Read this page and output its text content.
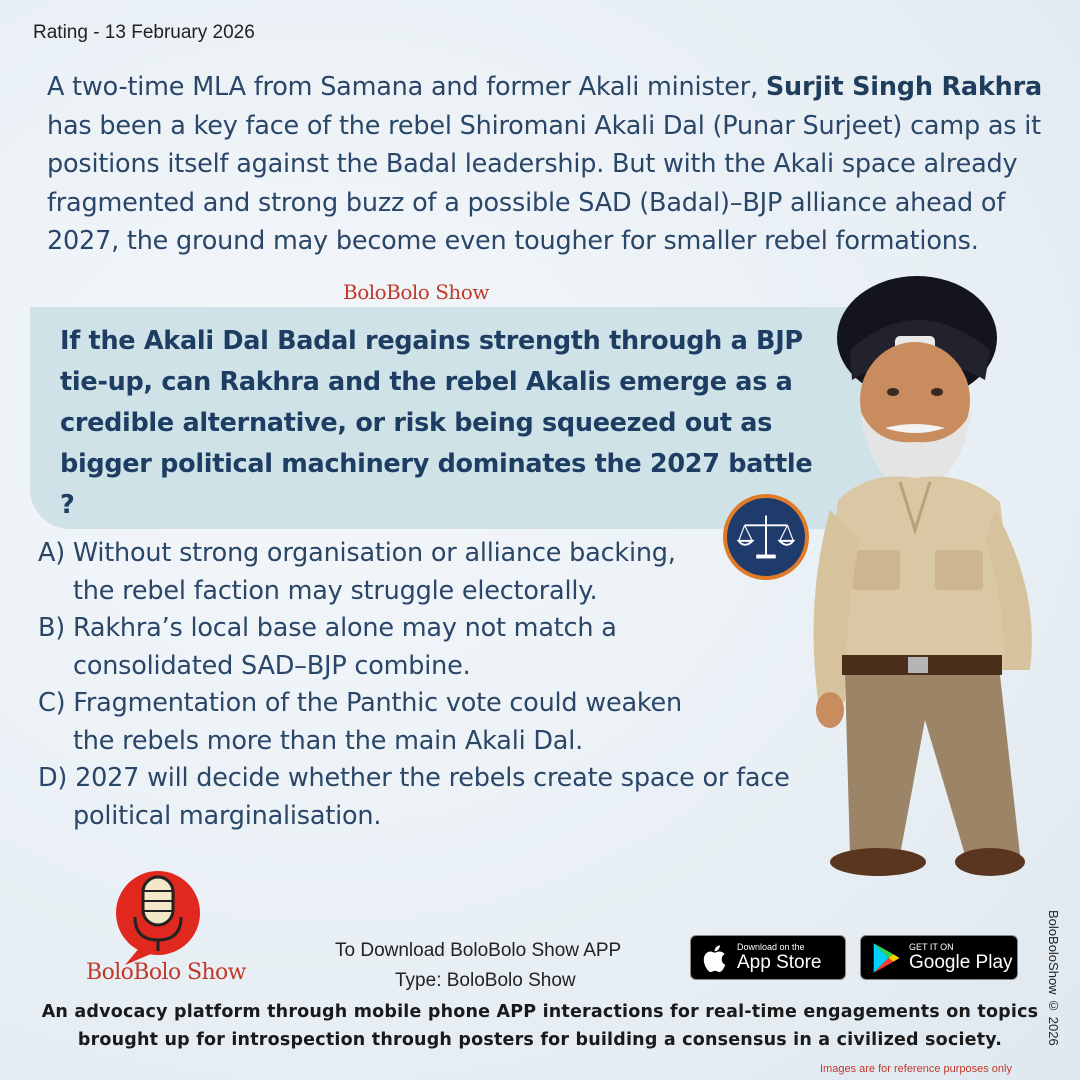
Rating - 13 February 2026
A two-time MLA from Samana and former Akali minister, Surjit Singh Rakhra has been a key face of the rebel Shiromani Akali Dal (Punar Surjeet) camp as it positions itself against the Badal leadership. But with the Akali space already fragmented and strong buzz of a possible SAD (Badal)–BJP alliance ahead of 2027, the ground may become even tougher for smaller rebel formations.
BoloBolo Show
If the Akali Dal Badal regains strength through a BJP tie-up, can Rakhra and the rebel Akalis emerge as a credible alternative, or risk being squeezed out as bigger political machinery dominates the 2027 battle ?
A) Without strong organisation or alliance backing,
the rebel faction may struggle electorally.
B) Rakhra’s local base alone may not match a
consolidated SAD–BJP combine.
C) Fragmentation of the Panthic vote could weaken
the rebels more than the main Akali Dal.
D) 2027 will decide whether the rebels create space or face
political marginalisation.
BoloBolo Show
To Download BoloBolo Show APP
Type: BoloBolo Show
Download on the
App Store
GET IT ON
Google Play
An advocacy platform through mobile phone APP interactions for real-time engagements on topics brought up for introspection through posters for building a consensus in a civilized society.	BoloBoloShow © 2026
Images are for reference purposes only
